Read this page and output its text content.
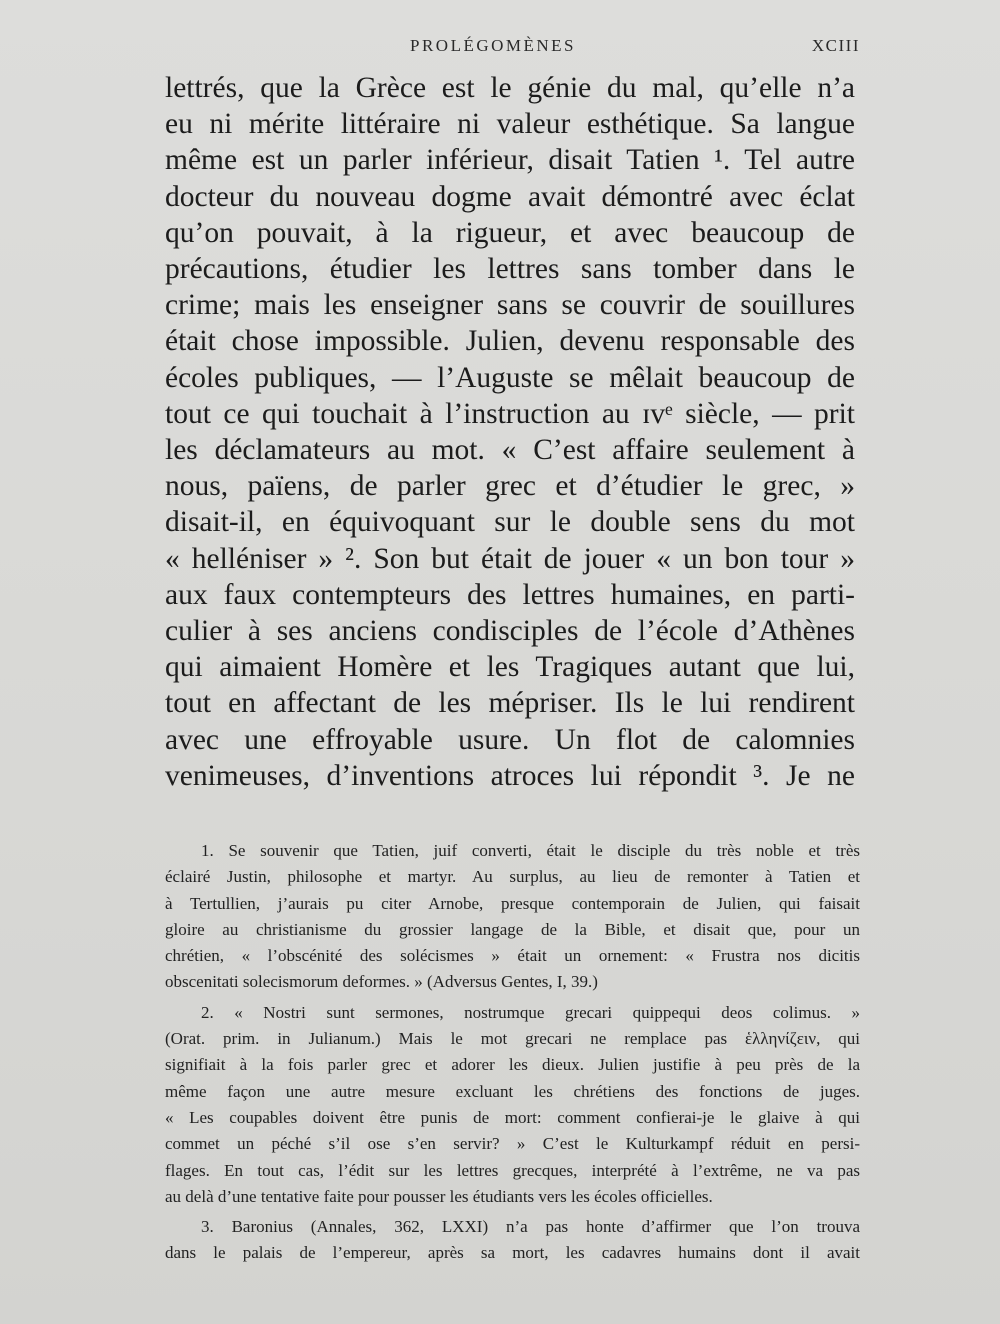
PROLÉGOMÈNES	XCIII
lettrés, que la Grèce est le génie du mal, qu’elle n’a
eu ni mérite littéraire ni valeur esthétique. Sa langue
même est un parler inférieur, disait Tatien ¹. Tel autre
docteur du nouveau dogme avait démontré avec éclat
qu’on pouvait, à la rigueur, et avec beaucoup de
précautions, étudier les lettres sans tomber dans le
crime; mais les enseigner sans se couvrir de souillures
était chose impossible. Julien, devenu responsable des
écoles publiques, — l’Auguste se mêlait beaucoup de
tout ce qui touchait à l’instruction au ɪᴠᵉ siècle, — prit
les déclamateurs au mot. « C’est affaire seulement à
nous, païens, de parler grec et d’étudier le grec, »
disait-il, en équivoquant sur le double sens du mot
« helléniser » ². Son but était de jouer « un bon tour »
aux faux contempteurs des lettres humaines, en parti-
culier à ses anciens condisciples de l’école d’Athènes
qui aimaient Homère et les Tragiques autant que lui,
tout en affectant de les mépriser. Ils le lui rendirent
avec une effroyable usure. Un flot de calomnies
venimeuses, d’inventions atroces lui répondit ³. Je ne
1. Se souvenir que Tatien, juif converti, était le disciple du très noble et très
éclairé Justin, philosophe et martyr. Au surplus, au lieu de remonter à Tatien et
à Tertullien, j’aurais pu citer Arnobe, presque contemporain de Julien, qui faisait
gloire au christianisme du grossier langage de la Bible, et disait que, pour un
chrétien, « l’obscénité des solécismes » était un ornement: « Frustra nos dicitis
obscenitati solecismorum deformes. » (Adversus Gentes, I, 39.)
2. « Nostri sunt sermones, nostrumque grecari quippequi deos colimus. »
(Orat. prim. in Julianum.) Mais le mot grecari ne remplace pas ἑλληνίζειν, qui
signifiait à la fois parler grec et adorer les dieux. Julien justifie à peu près de la
même façon une autre mesure excluant les chrétiens des fonctions de juges.
« Les coupables doivent être punis de mort: comment confierai-je le glaive à qui
commet un péché s’il ose s’en servir? » C’est le Kulturkampf réduit en persi-
flages. En tout cas, l’édit sur les lettres grecques, interprété à l’extrême, ne va pas
au delà d’une tentative faite pour pousser les étudiants vers les écoles officielles.
3. Baronius (Annales, 362, LXXI) n’a pas honte d’affirmer que l’on trouva
dans le palais de l’empereur, après sa mort, les cadavres humains dont il avait
